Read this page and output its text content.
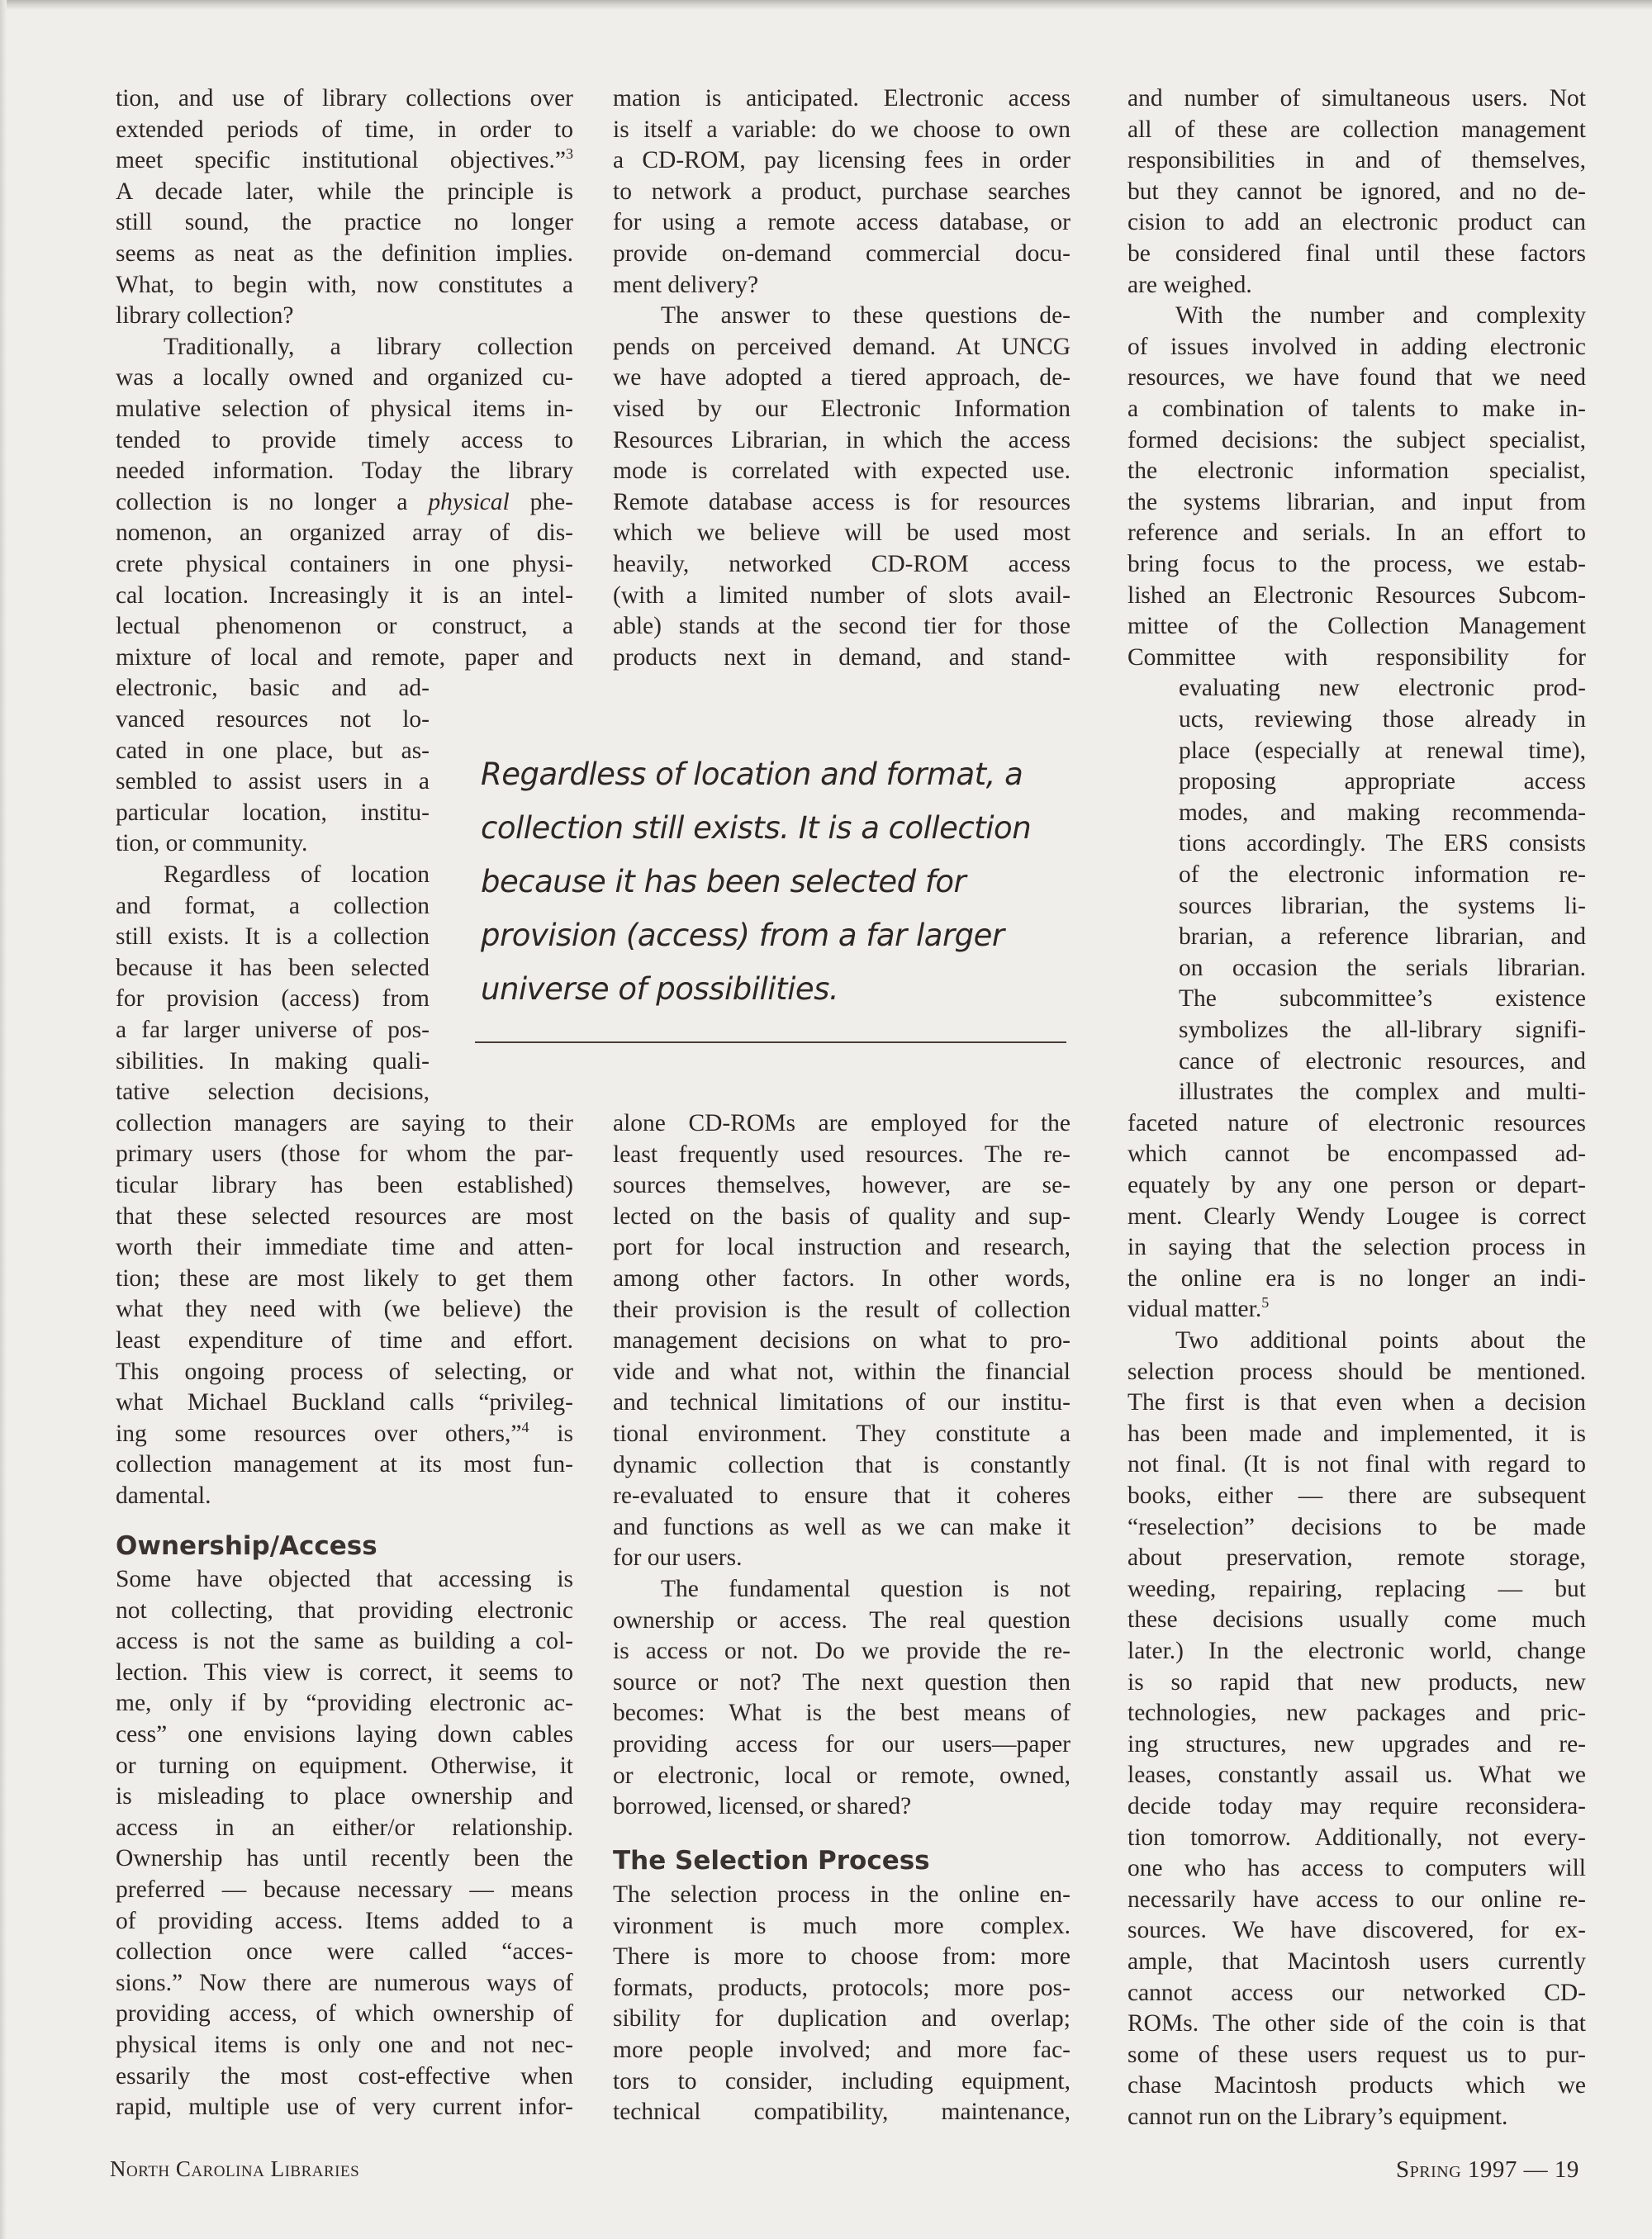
tion, and use of library collections over
extended periods of time, in order to
meet specific institutional objectives.”$^3$
A decade later, while the principle is
still sound, the practice no longer
seems as neat as the definition implies.
What, to begin with, now constitutes a
library collection?
Traditionally, a library collection
was a locally owned and organized cu-
mulative selection of physical items in-
tended to provide timely access to
needed information. Today the library
collection is no longer a physical phe-
nomenon, an organized array of dis-
crete physical containers in one physi-
cal location. Increasingly it is an intel-
lectual phenomenon or construct, a
mixture of local and remote, paper and
electronic, basic and ad-
vanced resources not lo-
cated in one place, but as-
sembled to assist users in a
particular location, institu-
tion, or community.
Regardless of location
and format, a collection
still exists. It is a collection
because it has been selected
for provision (access) from
a far larger universe of pos-
sibilities. In making quali-
tative selection decisions,
collection managers are saying to their
primary users (those for whom the par-
ticular library has been established)
that these selected resources are most
worth their immediate time and atten-
tion; these are most likely to get them
what they need with (we believe) the
least expenditure of time and effort.
This ongoing process of selecting, or
what Michael Buckland calls “privileg-
ing some resources over others,”$^4$ is
collection management at its most fun-
damental.
Ownership/Access
Some have objected that accessing is
not collecting, that providing electronic
access is not the same as building a col-
lection. This view is correct, it seems to
me, only if by “providing electronic ac-
cess” one envisions laying down cables
or turning on equipment. Otherwise, it
is misleading to place ownership and
access in an either/or relationship.
Ownership has until recently been the
preferred — because necessary — means
of providing access. Items added to a
collection once were called “acces-
sions.” Now there are numerous ways of
providing access, of which ownership of
physical items is only one and not nec-
essarily the most cost-effective when
rapid, multiple use of very current infor-
mation is anticipated. Electronic access
is itself a variable: do we choose to own
a CD-ROM, pay licensing fees in order
to network a product, purchase searches
for using a remote access database, or
provide on-demand commercial docu-
ment delivery?
The answer to these questions de-
pends on perceived demand. At UNCG
we have adopted a tiered approach, de-
vised by our Electronic Information
Resources Librarian, in which the access
mode is correlated with expected use.
Remote database access is for resources
which we believe will be used most
heavily, networked CD-ROM access
(with a limited number of slots avail-
able) stands at the second tier for those
products next in demand, and stand-
Regardless of location and format, a
collection still exists. It is a collection
because it has been selected for
provision (access) from a far larger
universe of possibilities.
alone CD-ROMs are employed for the
least frequently used resources. The re-
sources themselves, however, are se-
lected on the basis of quality and sup-
port for local instruction and research,
among other factors. In other words,
their provision is the result of collection
management decisions on what to pro-
vide and what not, within the financial
and technical limitations of our institu-
tional environment. They constitute a
dynamic collection that is constantly
re-evaluated to ensure that it coheres
and functions as well as we can make it
for our users.
The fundamental question is not
ownership or access. The real question
is access or not. Do we provide the re-
source or not? The next question then
becomes: What is the best means of
providing access for our users—paper
or electronic, local or remote, owned,
borrowed, licensed, or shared?
The Selection Process
The selection process in the online en-
vironment is much more complex.
There is more to choose from: more
formats, products, protocols; more pos-
sibility for duplication and overlap;
more people involved; and more fac-
tors to consider, including equipment,
technical compatibility, maintenance,
and number of simultaneous users. Not
all of these are collection management
responsibilities in and of themselves,
but they cannot be ignored, and no de-
cision to add an electronic product can
be considered final until these factors
are weighed.
With the number and complexity
of issues involved in adding electronic
resources, we have found that we need
a combination of talents to make in-
formed decisions: the subject specialist,
the electronic information specialist,
the systems librarian, and input from
reference and serials. In an effort to
bring focus to the process, we estab-
lished an Electronic Resources Subcom-
mittee of the Collection Management
Committee with responsibility for
evaluating new electronic prod-
ucts, reviewing those already in
place (especially at renewal time),
proposing appropriate access
modes, and making recommenda-
tions accordingly. The ERS consists
of the electronic information re-
sources librarian, the systems li-
brarian, a reference librarian, and
on occasion the serials librarian.
The subcommittee’s existence
symbolizes the all-library signifi-
cance of electronic resources, and
illustrates the complex and multi-
faceted nature of electronic resources
which cannot be encompassed ad-
equately by any one person or depart-
ment. Clearly Wendy Lougee is correct
in saying that the selection process in
the online era is no longer an indi-
vidual matter.$^5$
Two additional points about the
selection process should be mentioned.
The first is that even when a decision
has been made and implemented, it is
not final. (It is not final with regard to
books, either — there are subsequent
“reselection” decisions to be made
about preservation, remote storage,
weeding, repairing, replacing — but
these decisions usually come much
later.) In the electronic world, change
is so rapid that new products, new
technologies, new packages and pric-
ing structures, new upgrades and re-
leases, constantly assail us. What we
decide today may require reconsidera-
tion tomorrow. Additionally, not every-
one who has access to computers will
necessarily have access to our online re-
sources. We have discovered, for ex-
ample, that Macintosh users currently
cannot access our networked CD-
ROMs. The other side of the coin is that
some of these users request us to pur-
chase Macintosh products which we
cannot run on the Library’s equipment.
North Carolina Libraries	Spring 1997 — 19
